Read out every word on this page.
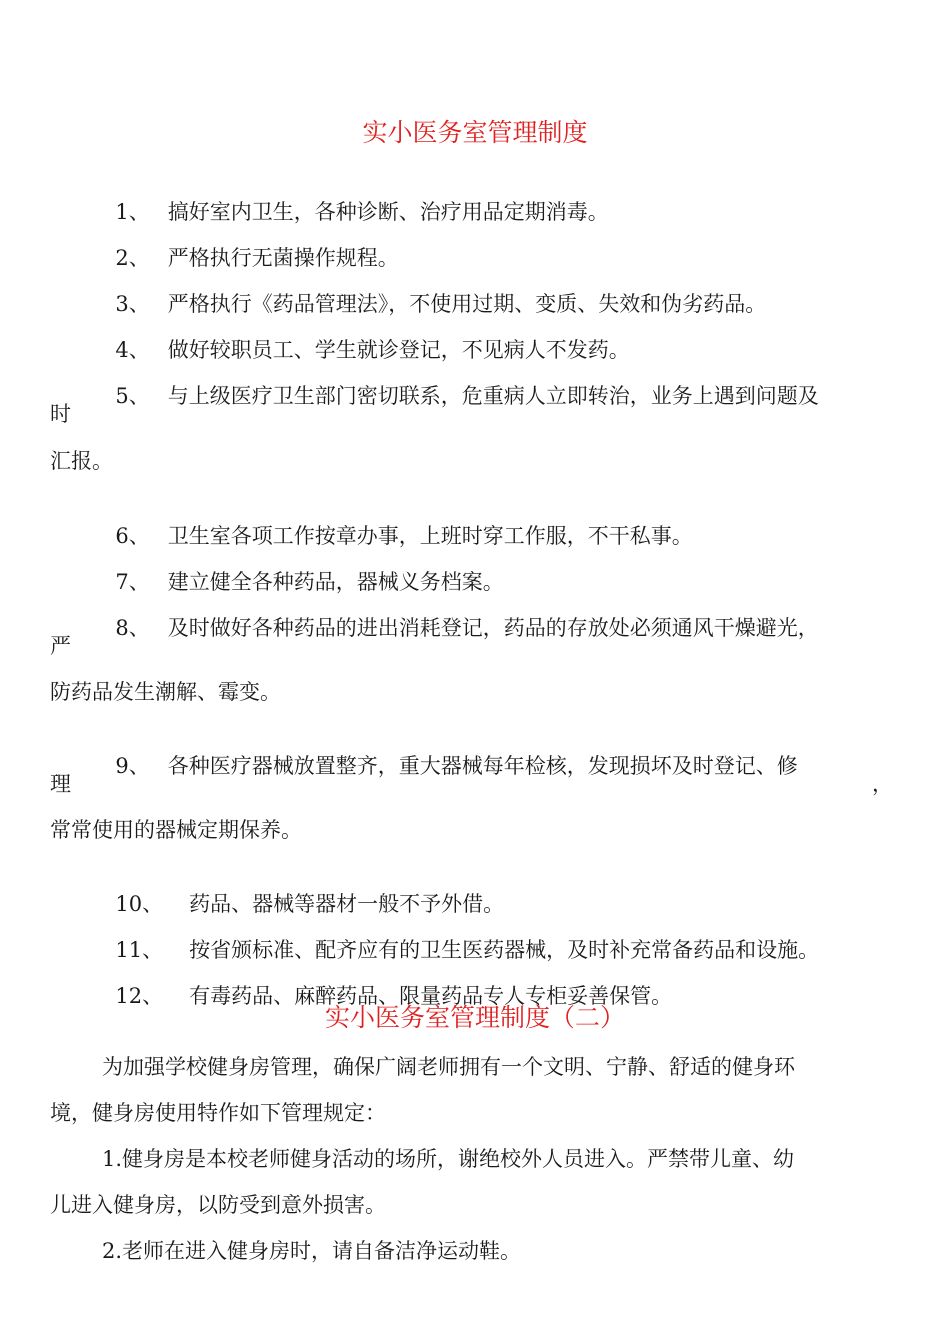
实小医务室管理制度

1、 搞好室内卫生，各种诊断、治疗用品定期消毒。

2、 严格执行无菌操作规程。

3、 严格执行《药品管理法》，不使用过期、变质、失效和伪劣药品。

4、 做好较职员工、学生就诊登记，不见病人不发药。

5、 与上级医疗卫生部门密切联系，危重病人立即转治，业务上遇到问题及

时
汇报。

6、 卫生室各项工作按章办事，上班时穿工作服，不干私事。

7、 建立健全各种药品，器械义务档案。

8、 及时做好各种药品的进出消耗登记，药品的存放处必须通风干燥避光，

严
防药品发生潮解、霉变。

9、 各种医疗器械放置整齐，重大器械每年检核，发现损坏及时登记、修

理	，
常常使用的器械定期保养。

10、 药品、器械等器材一般不予外借。

11、 按省颁标准、配齐应有的卫生医药器械，及时补充常备药品和设施。

12、 有毒药品、麻醉药品、限量药品专人专柜妥善保管。

实小医务室管理制度（二）
为加强学校健身房管理，确保广阔老师拥有一个文明、宁静、舒适的健身环
境，健身房使用特作如下管理规定：
1.健身房是本校老师健身活动的场所，谢绝校外人员进入。严禁带儿童、幼
儿进入健身房，以防受到意外损害。
2.老师在进入健身房时，请自备洁净运动鞋。
